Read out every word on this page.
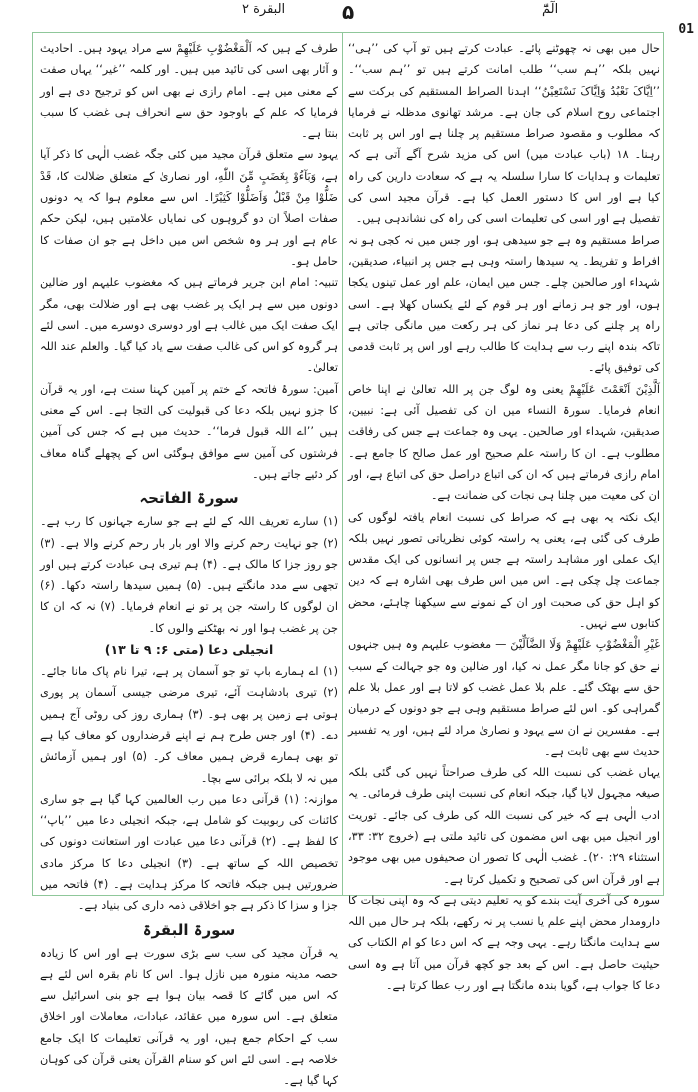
01
البقرة ۲	۵	الٓمّٓ

حال میں بھی نہ چھوٹنے پائے۔ عبادت کرتے ہیں تو آپ کی ’’ہی‘‘ نہیں بلکہ ’’ہم سب‘‘ طلب امانت کرتے ہیں تو ’’ہم سب‘‘۔ ’’اِیَّاکَ نَعْبُدُ وَاِیَّاکَ نَسْتَعِیْنُ‘‘ اہدنا الصراط المستقیم کی برکت سے اجتماعی روح اسلام کی جان ہے۔ مرشد تھانوی مدظلہ نے فرمایا کہ مطلوب و مقصود صراط مستقیم پر چلنا ہے اور اس پر ثابت رہنا۔ ۱۸ (باب عبادت میں) اس کی مزید شرح آگے آتی ہے کہ تعلیمات و ہدایات کا سارا سلسلہ یہ ہے کہ سعادت دارین کی راہ کیا ہے اور اس کا دستور العمل کیا ہے۔ قرآن مجید اسی کی تفصیل ہے اور اسی کی تعلیمات اسی کی راہ کی نشاندہی ہیں۔

صراط مستقیم وہ ہے جو سیدھی ہو، اور جس میں نہ کجی ہو نہ افراط و تفریط۔ یہ سیدھا راستہ وہی ہے جس پر انبیاء، صدیقین، شہداء اور صالحین چلے۔ جس میں ایمان، علم اور عمل تینوں یکجا ہوں، اور جو ہر زمانے اور ہر قوم کے لئے یکساں کھلا ہے۔ اسی راہ پر چلنے کی دعا ہر نماز کی ہر رکعت میں مانگی جاتی ہے تاکہ بندہ اپنے رب سے ہدایت کا طالب رہے اور اس پر ثابت قدمی کی توفیق پائے۔

اَلَّذِیْنَ اَنْعَمْتَ عَلَیْھِمْ یعنی وہ لوگ جن پر اللہ تعالیٰ نے اپنا خاص انعام فرمایا۔ سورۃ النساء میں ان کی تفصیل آئی ہے: نبیین، صدیقین، شہداء اور صالحین۔ یہی وہ جماعت ہے جس کی رفاقت مطلوب ہے۔ ان کا راستہ علم صحیح اور عمل صالح کا جامع ہے۔ امام رازی فرماتے ہیں کہ ان کی اتباع دراصل حق کی اتباع ہے، اور ان کی معیت میں چلنا ہی نجات کی ضمانت ہے۔

ایک نکتہ یہ بھی ہے کہ صراط کی نسبت انعام یافتہ لوگوں کی طرف کی گئی ہے، یعنی یہ راستہ کوئی نظریاتی تصور نہیں بلکہ ایک عملی اور مشاہد راستہ ہے جس پر انسانوں کی ایک مقدس جماعت چل چکی ہے۔ اس میں اس طرف بھی اشارہ ہے کہ دین کو اہل حق کی صحبت اور ان کے نمونے سے سیکھنا چاہئے، محض کتابوں سے نہیں۔

غَیْرِ الْمَغْضُوْبِ عَلَیْھِمْ وَلَا الضَّآلِّیْنَ — مغضوب علیہم وہ ہیں جنہوں نے حق کو جانا مگر عمل نہ کیا، اور ضالین وہ جو جہالت کے سبب حق سے بھٹک گئے۔ علم بلا عمل غضب کو لاتا ہے اور عمل بلا علم گمراہی کو۔ اس لئے صراط مستقیم وہی ہے جو دونوں کے درمیان ہے۔ مفسرین نے ان سے یہود و نصاریٰ مراد لئے ہیں، اور یہ تفسیر حدیث سے بھی ثابت ہے۔

یہاں غضب کی نسبت اللہ کی طرف صراحتاً نہیں کی گئی بلکہ صیغہ مجہول لایا گیا، جبکہ انعام کی نسبت اپنی طرف فرمائی۔ یہ ادب الٰہی ہے کہ خیر کی نسبت اللہ کی طرف کی جائے۔ توریت اور انجیل میں بھی اس مضمون کی تائید ملتی ہے (خروج ۳۲: ۳۳، استثناء ۲۹: ۲۰)۔ غضب الٰہی کا تصور ان صحیفوں میں بھی موجود ہے اور قرآن اس کی تصحیح و تکمیل کرتا ہے۔

سورہ کی آخری آیت بندے کو یہ تعلیم دیتی ہے کہ وہ اپنی نجات کا دارومدار محض اپنے علم یا نسب پر نہ رکھے، بلکہ ہر حال میں اللہ سے ہدایت مانگتا رہے۔ یہی وجہ ہے کہ اس دعا کو ام الکتاب کی حیثیت حاصل ہے۔ اس کے بعد جو کچھ قرآن میں آتا ہے وہ اسی دعا کا جواب ہے، گویا بندہ مانگتا ہے اور رب عطا کرتا ہے۔

طرف کے ہیں کہ اَلْمَغْضُوْبِ عَلَیْھِمْ سے مراد یہود ہیں۔ احادیث و آثار بھی اسی کی تائید میں ہیں۔ اور کلمہ ’’غیر‘‘ یہاں صفت کے معنی میں ہے۔ امام رازی نے بھی اس کو ترجیح دی ہے اور فرمایا کہ علم کے باوجود حق سے انحراف ہی غضب کا سبب بنتا ہے۔

یہود سے متعلق قرآن مجید میں کئی جگہ غضب الٰہی کا ذکر آیا ہے، وَبَآءُوْ بِغَضَبٍ مِّنَ اللّٰهِ، اور نصاریٰ کے متعلق ضلالت کا، قَدْ ضَلُّوْا مِنْ قَبْلُ وَاَضَلُّوْا كَثِیْرًا۔ اس سے معلوم ہوا کہ یہ دونوں صفات اصلاً ان دو گروہوں کی نمایاں علامتیں ہیں، لیکن حکم عام ہے اور ہر وہ شخص اس میں داخل ہے جو ان صفات کا حامل ہو۔

تنبیہ: امام ابن جریر فرماتے ہیں کہ مغضوب علیہم اور ضالین دونوں میں سے ہر ایک پر غضب بھی ہے اور ضلالت بھی، مگر ایک صفت ایک میں غالب ہے اور دوسری دوسرے میں۔ اسی لئے ہر گروہ کو اس کی غالب صفت سے یاد کیا گیا۔ والعلم عند اللہ تعالیٰ۔

آمین: سورۂ فاتحہ کے ختم پر آمین کہنا سنت ہے، اور یہ قرآن کا جزو نہیں بلکہ دعا کی قبولیت کی التجا ہے۔ اس کے معنی ہیں ’’اے اللہ قبول فرما‘‘۔ حدیث میں ہے کہ جس کی آمین فرشتوں کی آمین سے موافق ہوگئی اس کے پچھلے گناہ معاف کر دئیے جاتے ہیں۔

سورۃ الفاتحہ

(۱) سارے تعریف اللہ کے لئے ہے جو سارے جہانوں کا رب ہے۔ (۲) جو نہایت رحم کرنے والا اور بار بار رحم کرنے والا ہے۔ (۳) جو روز جزا کا مالک ہے۔ (۴) ہم تیری ہی عبادت کرتے ہیں اور تجھی سے مدد مانگتے ہیں۔ (۵) ہمیں سیدھا راستہ دکھا۔ (۶) ان لوگوں کا راستہ جن پر تو نے انعام فرمایا۔ (۷) نہ کہ ان کا جن پر غضب ہوا اور نہ بھٹکنے والوں کا۔

انجیلی دعا (متی ۶: ۹ تا ۱۳)

(۱) اے ہمارے باپ تو جو آسمان پر ہے، تیرا نام پاک مانا جائے۔ (۲) تیری بادشاہت آئے، تیری مرضی جیسی آسمان پر پوری ہوتی ہے زمین پر بھی ہو۔ (۳) ہماری روز کی روٹی آج ہمیں دے۔ (۴) اور جس طرح ہم نے اپنے قرضداروں کو معاف کیا ہے تو بھی ہمارے قرض ہمیں معاف کر۔ (۵) اور ہمیں آزمائش میں نہ لا بلکہ برائی سے بچا۔

موازنہ: (۱) قرآنی دعا میں رب العالمین کہا گیا ہے جو ساری کائنات کی ربوبیت کو شامل ہے، جبکہ انجیلی دعا میں ’’باپ‘‘ کا لفظ ہے۔ (۲) قرآنی دعا میں عبادت اور استعانت دونوں کی تخصیص اللہ کے ساتھ ہے۔ (۳) انجیلی دعا کا مرکز مادی ضرورتیں ہیں جبکہ فاتحہ کا مرکز ہدایت ہے۔ (۴) فاتحہ میں جزا و سزا کا ذکر ہے جو اخلاقی ذمہ داری کی بنیاد ہے۔

سورۃ البقرۃ

یہ قرآن مجید کی سب سے بڑی سورت ہے اور اس کا زیادہ حصہ مدینہ منورہ میں نازل ہوا۔ اس کا نام بقرہ اس لئے ہے کہ اس میں گائے کا قصہ بیان ہوا ہے جو بنی اسرائیل سے متعلق ہے۔ اس سورہ میں عقائد، عبادات، معاملات اور اخلاق سب کے احکام جمع ہیں، اور یہ قرآنی تعلیمات کا ایک جامع خلاصہ ہے۔ اسی لئے اس کو سنام القرآن یعنی قرآن کی کوہان کہا گیا ہے۔
